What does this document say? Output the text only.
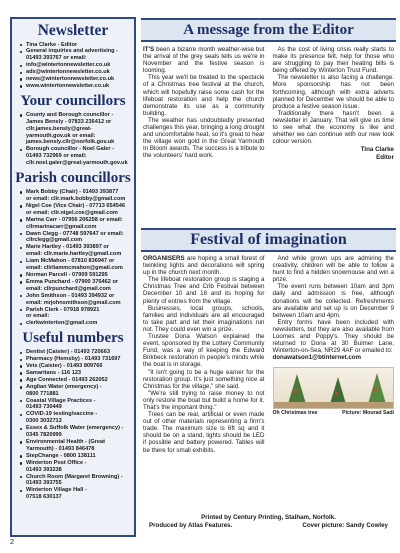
Newsletter
Tina Clarke - Editor
General inquiries and advertising -
01493 393767 or email:
info@wintertonnewsletter.co.uk
ads@wintertonnewsletter.co.uk
news@wintertonnewsletter.co.uk
www.wintertonnewsletter.co.uk
Your councillors
County and Borough councillor -
James Bensly - 07833 236412 or cllr.james.bensly@great-yarmouth.gov.uk or email: james.bensly.cllr@norfolk.gov.uk
Borough councillor - Noel Galer -
01493 732969 or email: cllr.noel.galer@great-yarmouth.gov.uk
Parish councillors
Mark Bobby (Chair) - 01493 393877
or email: cllr.mark.bobby@gmail.com
Nigel Coe (Vice Chair) - 07713 654546
or email: cllr.nigel.coe@gmail.com
Marina Carr - 07956 206258 or email:
cllrmarinacarr@gmail.com
Dawn Clegg - 07748 597647 or email:
cllrclegg@gmail.com
Marie Hartley - 01493 393897 or
email: cllr.marie.hartley@gmail.com
Liam McMahon - 07810 836947 or
email: cllrliammcmahon@gmail.com
Norman Parcell - 07909 591295
Emma Punchard - 07900 376462 or
email: cllrpunchard@gmail.com
John Smithson - 01493 394932 or
email: mrjohnsmithson@gmail.com
Parish Clerk - 07918 978921
or email:
clerkwinterton@gmail.com
Useful numbers
Dentist (Caister) - 01493 720663
Pharmacy (Hemsby) - 01493 731697
Vets (Caister) - 01493 809766
Samaritans - 116 123
Age Connected - 01493 262052
Anglian Water (emergency) -
0800 771881
Coastal Village Practices -
01493 730449
COVID-19 testing/vaccine -
0300 3032713
Essex & Suffolk Water (emergency) -
0345 7820999
Environmental Health - (Great
Yarmouth) - 01493 846478
StepChange - 0800 138111
Winterton Post Office -
01493 393238
Church Room (Margaret Browning) -
01493 393755
Winterton Village Hall -
07518 630137
A message from the Editor

IT'S been a bizarre month weather-wise but the arrival of the grey seals tells us we're in November and the festive season is looming.

This year we'll be treated to the spectacle of a Christmas tree festival at the church, which will hopefully raise some cash for the lifeboat restoration and help the church demonstrate its use as a community building.

The weather has undoubtedly presented challenges this year, bringing a long drought and uncomfortable heat, so it's great to hear the village won gold in the Great Yarmouth In Bloom awards. The success is a tribute to the volunteers' hard work.

As the cost of living crisis really starts to make its presence felt, help for those who are struggling to pay their heating bills is being offered by Winterton Trust Fund.

The newsletter is also facing a challenge. More sponsorship has not been forthcoming, although with extra adverts planned for December we should be able to produce a festive season issue.

Traditionally there hasn't been a newsletter in January. That will give us time to see what the economy is like and whether we can continue with our new look colour version.

Tina Clarke

Editor

Festival of imagination

ORGANISERS are hoping a small forest of twinkling lights and decorations will spring up in the church next month.

The lifeboat restoration group is staging a Christmas Tree and Crib Festival between December 10 and 18 and its hoping for plenty of entries from the village.

Businesses, local groups, schools, families and individuals are all encouraged to take part and let their imaginations run riot. They could even win a prize.

Trustee Dona Watson explained the event, sponsored by the Lottery Community Fund, was a way of keeping the Edward Birkbeck restoration in people's minds while the boat is in storage.

"It isn't going to be a huge earner for the restoration group. It's just something nice at Christmas for the village," she said.

"We're still trying to raise money to not only restore the boat but build a home for it. That's the important thing."

Trees can be real, artificial or even made out of other materials representing a firm's trade. The maximum size is 6ft sq and it should be on a stand, lights should be LED if possible and battery powered. Tables will be there for small exhibits.

And while grown ups are admiring the creativity, children will be able to follow a hunt to find a hidden snowmouse and win a prize.

The event runs between 10am and 3pm daily and admission is free, although donations will be collected. Refreshments are available and set up is on December 9 between 10am and 4pm.

Entry forms have been included with newsletters, but they are also available from Loomes and Poppy's. They should be returned to Dona at 30 Bulmer Lane, Winterton-on-Sea, NR29 4AF or emailed to:

donawatson1@btinternet.com

Oh Christmas tree	Picture: Mourad Sadi
Printed by Century Printing, Stalham, Norfolk.
Produced by Atlas Features.	Cover picture: Sandy Cowley
2
